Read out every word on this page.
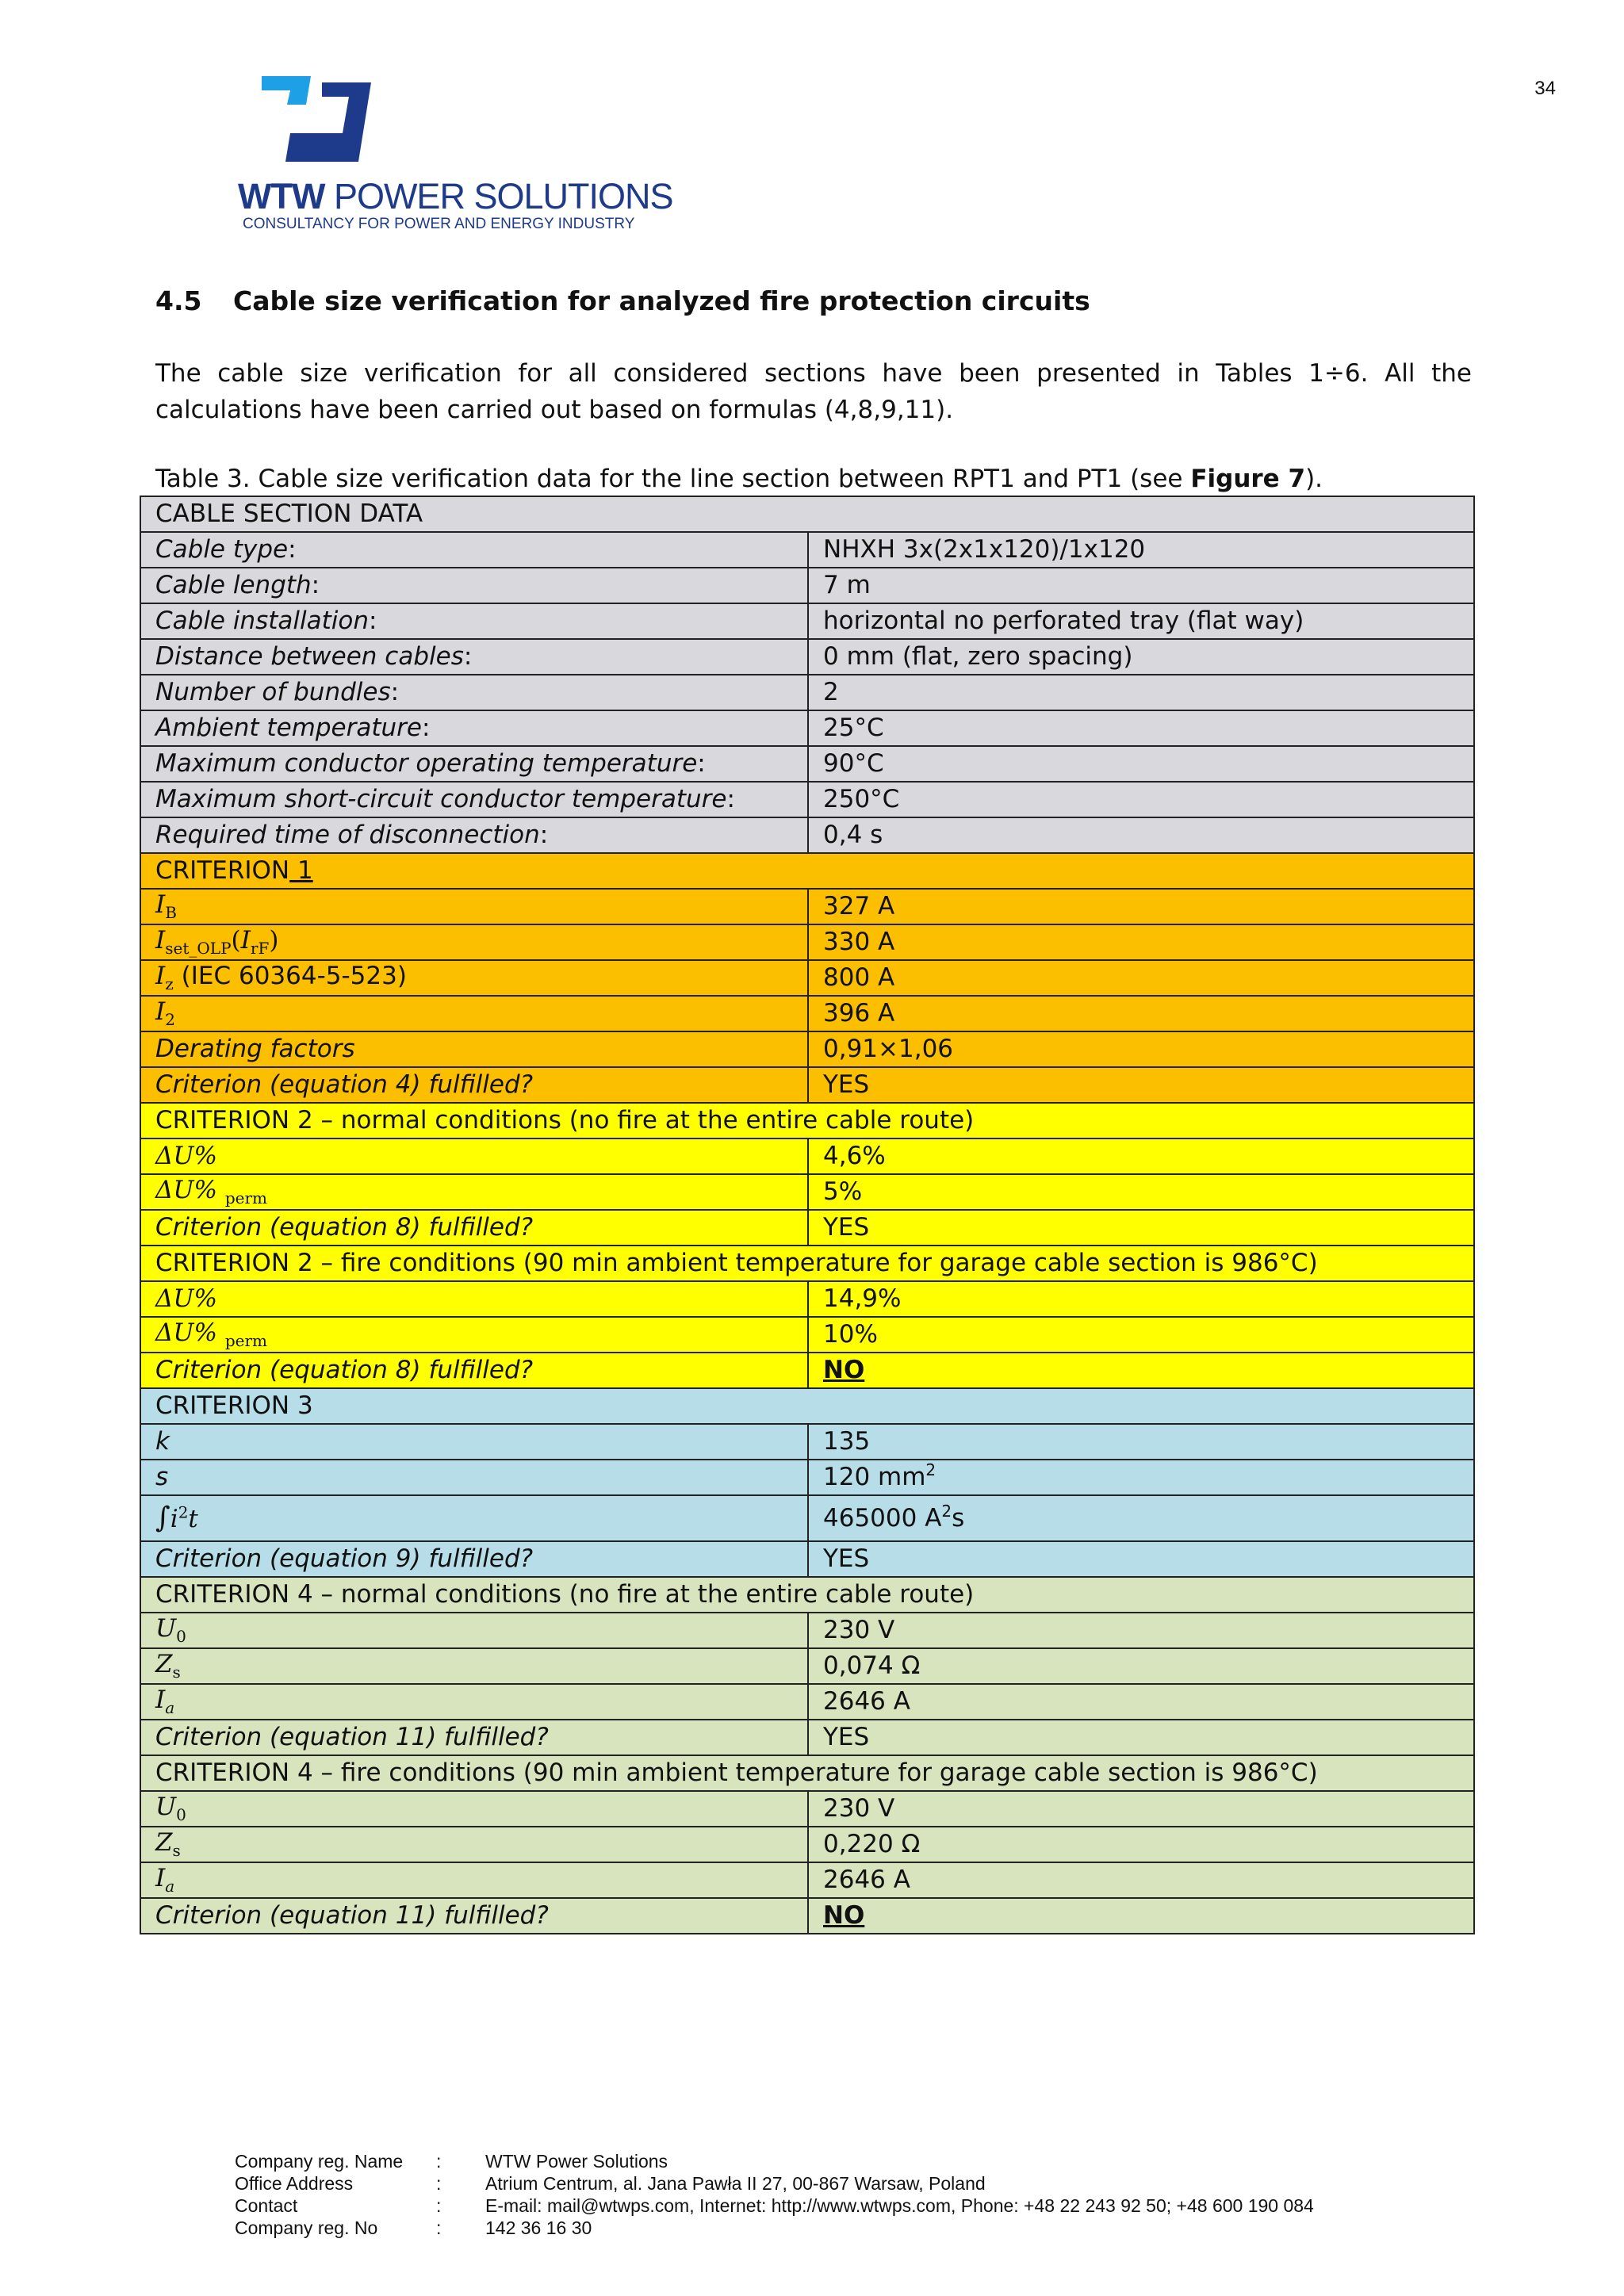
34
WTW POWER SOLUTIONS
CONSULTANCY FOR POWER AND ENERGY INDUSTRY
4.5 Cable size verification for analyzed fire protection circuits
The cable size verification for all considered sections have been presented in Tables 1÷6. All the calculations have been carried out based on formulas (4,8,9,11).
Table 3. Cable size verification data for the line section between RPT1 and PT1 (see Figure 7).
CABLE SECTION DATA	
Cable type:	NHXH 3x(2x1x120)/1x120
Cable length:	7 m
Cable installation:	horizontal no perforated tray (flat way)
Distance between cables:	0 mm (flat, zero spacing)
Number of bundles:	2
Ambient temperature:	25°C
Maximum conductor operating temperature:	90°C
Maximum short-circuit conductor temperature:	250°C
Required time of disconnection:	0,4 s
CRITERION 1	
$I_B$	327 A
$I_{set\_OLP}(I_{rF})$	330 A
$I_z$ (IEC 60364-5-523)	800 A
$I_2$	396 A
Derating factors	0,91×1,06
Criterion (equation 4) fulfilled?	YES
CRITERION 2 – normal conditions (no fire at the entire cable route)	
ΔU%	4,6%
ΔU% $_{perm}$	5%
Criterion (equation 8) fulfilled?	YES
CRITERION 2 – fire conditions (90 min ambient temperature for garage cable section is 986°C)	
ΔU%	14,9%
ΔU% $_{perm}$	10%
Criterion (equation 8) fulfilled?	NO
CRITERION 3	
k	135
s	120 $mm^2$
$\int i^2t$	465000 $A^2s$
Criterion (equation 9) fulfilled?	YES
CRITERION 4 – normal conditions (no fire at the entire cable route)	
$U_0$	230 V
$Z_s$	0,074 Ω
$I_a$	2646 A
Criterion (equation 11) fulfilled?	YES
CRITERION 4 – fire conditions (90 min ambient temperature for garage cable section is 986°C)	
$U_0$	230 V
$Z_s$	0,220 Ω
$I_a$	2646 A
Criterion (equation 11) fulfilled?	NO
Company reg. Name : WTW Power Solutions
Office Address	: Atrium Centrum, al. Jana Pawła II 27, 00-867 Warsaw, Poland
Contact	: E-mail: mail@wtwps.com, Internet: http://www.wtwps.com, Phone: +48 22 243 92 50; +48 600 190 084
Company reg. No	: 142 36 16 30
